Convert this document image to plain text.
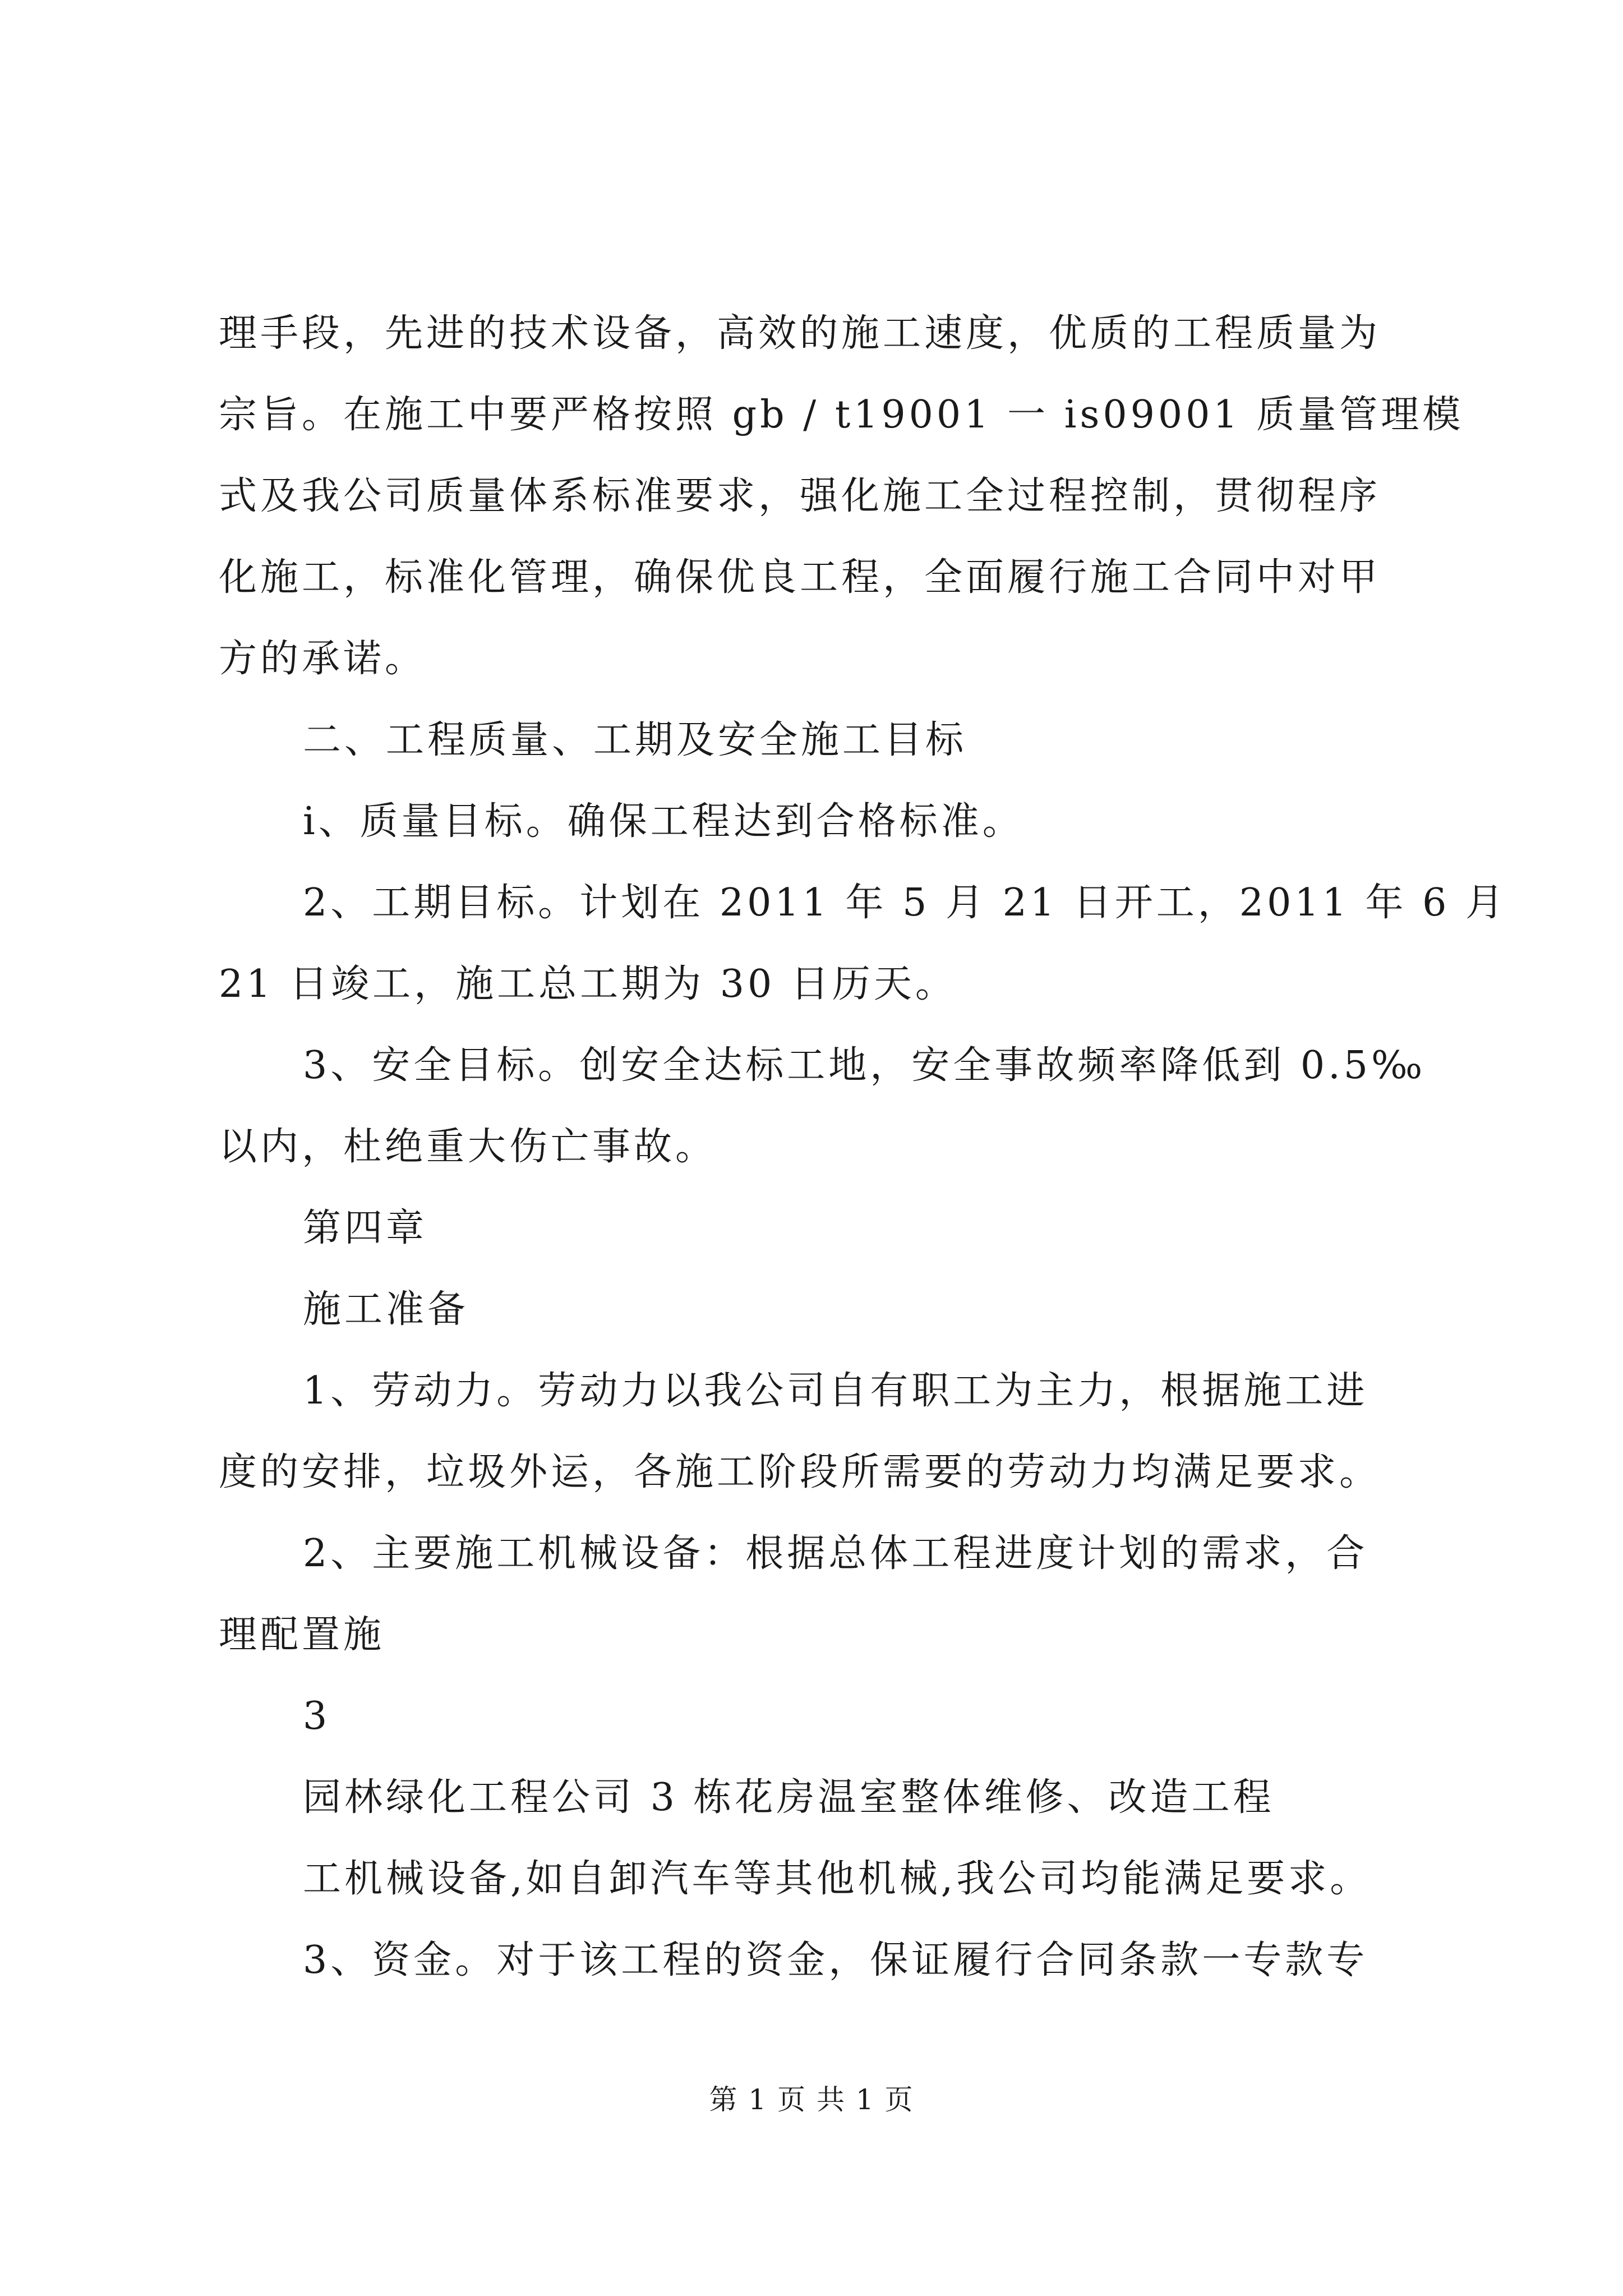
理手段，先进的技术设备，高效的施工速度，优质的工程质量为
宗旨。在施工中要严格按照 gb / t19001 一 is09001 质量管理模
式及我公司质量体系标准要求，强化施工全过程控制，贯彻程序
化施工，标准化管理，确保优良工程，全面履行施工合同中对甲
方的承诺。
二、工程质量、工期及安全施工目标
i、质量目标。确保工程达到合格标准。
2、工期目标。计划在 2011 年 5 月 21 日开工，2011 年 6 月
21 日竣工，施工总工期为 30 日历天。
3、安全目标。创安全达标工地，安全事故频率降低到 0.5‰
以内，杜绝重大伤亡事故。
第四章
施工准备
1、劳动力。劳动力以我公司自有职工为主力，根据施工进
度的安排，垃圾外运，各施工阶段所需要的劳动力均满足要求。
2、主要施工机械设备：根据总体工程进度计划的需求，合
理配置施
3
园林绿化工程公司 3 栋花房温室整体维修、改造工程
工机械设备,如自卸汽车等其他机械,我公司均能满足要求。
3、资金。对于该工程的资金，保证履行合同条款一专款专
第 1 页 共 1 页
